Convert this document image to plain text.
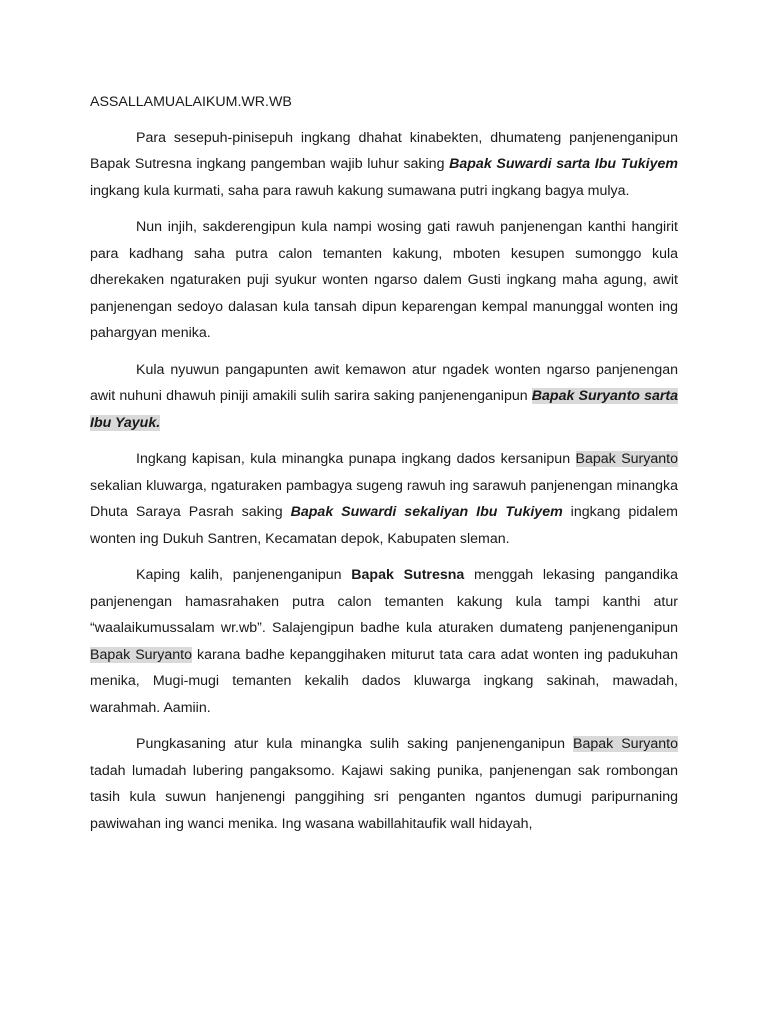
ASSALLAMUALAIKUM.WR.WB

Para sesepuh-pinisepuh ingkang dhahat kinabekten, dhumateng panjenenganipun Bapak Sutresna ingkang pangemban wajib luhur saking Bapak Suwardi sarta Ibu Tukiyem ingkang kula kurmati, saha para rawuh kakung sumawana putri ingkang bagya mulya.

Nun injih, sakderengipun kula nampi wosing gati rawuh panjenengan kanthi hangirit para kadhang saha putra calon temanten kakung, mboten kesupen sumonggo kula dherekaken ngaturaken puji syukur wonten ngarso dalem Gusti ingkang maha agung, awit panjenengan sedoyo dalasan kula tansah dipun keparengan kempal manunggal wonten ing pahargyan menika.

Kula nyuwun pangapunten awit kemawon atur ngadek wonten ngarso panjenengan awit nuhuni dhawuh piniji amakili sulih sarira saking panjenenganipun Bapak Suryanto sarta Ibu Yayuk.

Ingkang kapisan, kula minangka punapa ingkang dados kersanipun Bapak Suryanto sekalian kluwarga, ngaturaken pambagya sugeng rawuh ing sarawuh panjenengan minangka Dhuta Saraya Pasrah saking Bapak Suwardi sekaliyan Ibu Tukiyem ingkang pidalem wonten ing Dukuh Santren, Kecamatan depok, Kabupaten sleman.

Kaping kalih, panjenenganipun Bapak Sutresna menggah lekasing pangandika panjenengan hamasrahaken putra calon temanten kakung kula tampi kanthi atur “waalaikumussalam wr.wb”. Salajengipun badhe kula aturaken dumateng panjenenganipun Bapak Suryanto karana badhe kepanggihaken miturut tata cara adat wonten ing padukuhan menika, Mugi-mugi temanten kekalih dados kluwarga ingkang sakinah, mawadah, warahmah. Aamiin.

Pungkasaning atur kula minangka sulih saking panjenenganipun Bapak Suryanto tadah lumadah lubering pangaksomo. Kajawi saking punika, panjenengan sak rombongan tasih kula suwun hanjenengi panggihing sri penganten ngantos dumugi paripurnaning pawiwahan ing wanci menika. Ing wasana wabillahitaufik wall hidayah,
